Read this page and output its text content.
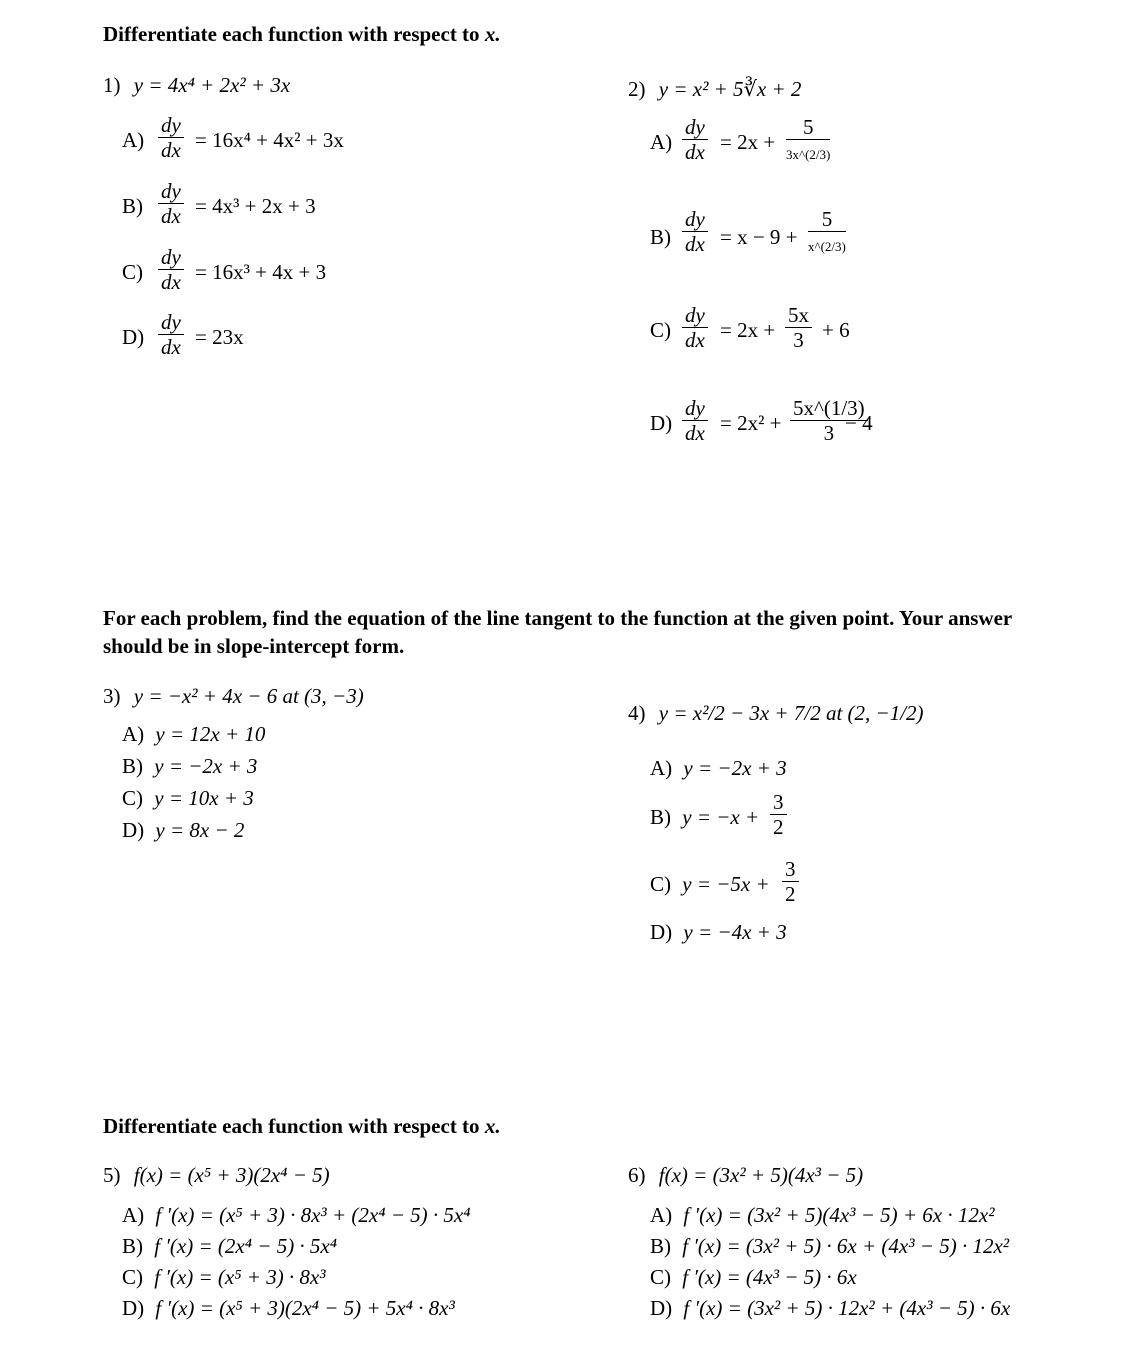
Differentiate each function with respect to x.
For each problem, find the equation of the line tangent to the function at the given point. Your answer should be in slope-intercept form.
Differentiate each function with respect to x.
1) y = 4x⁴ + 2x² + 3x
$A) \frac{dy}{dx} = 16x^4 + 4x^2 + 3x$
$B) \frac{dy}{dx} = 4x^3 + 2x + 3$
$C) \frac{dy}{dx} = 16x^3 + 4x + 3$
$D) \frac{dy}{dx} = 23x$
2) y = x² + 5∛x + 2
$A) \frac{dy}{dx} = 2x$ +
5
3x^(2/3)
$B) \frac{dy}{dx} = x - 9$ +
5
x^(2/3)
$C) \frac{dy}{dx} = 2x + \frac{5x}{3} + 6$
$D) \frac{dy}{dx} = 2x^2 + \frac{5x\^{}(1/3)}{3}$
− 4
3) y = −x² + 4x − 6 at (3, −3)
A) y = 12x + 10
B) y = −2x + 3
C) y = 10x + 3
D) y = 8x − 2
4) y = x²/2 − 3x + 7/2 at (2, −1/2)
A) y = −2x + 3
B) $y = -x + \frac{3}{2}$
C) $y = -5x + \frac{3}{2}$
D) y = −4x + 3
5) f(x) = (x⁵ + 3)(2x⁴ − 5)
A) f ′(x) = (x⁵ + 3) · 8x³ + (2x⁴ − 5) · 5x⁴
B) f ′(x) = (2x⁴ − 5) · 5x⁴
C) f ′(x) = (x⁵ + 3) · 8x³
D) f ′(x) = (x⁵ + 3)(2x⁴ − 5) + 5x⁴ · 8x³
6) f(x) = (3x² + 5)(4x³ − 5)
A) f ′(x) = (3x² + 5)(4x³ − 5) + 6x · 12x²
B) f ′(x) = (3x² + 5) · 6x + (4x³ − 5) · 12x²
C) f ′(x) = (4x³ − 5) · 6x
D) f ′(x) = (3x² + 5) · 12x² + (4x³ − 5) · 6x
